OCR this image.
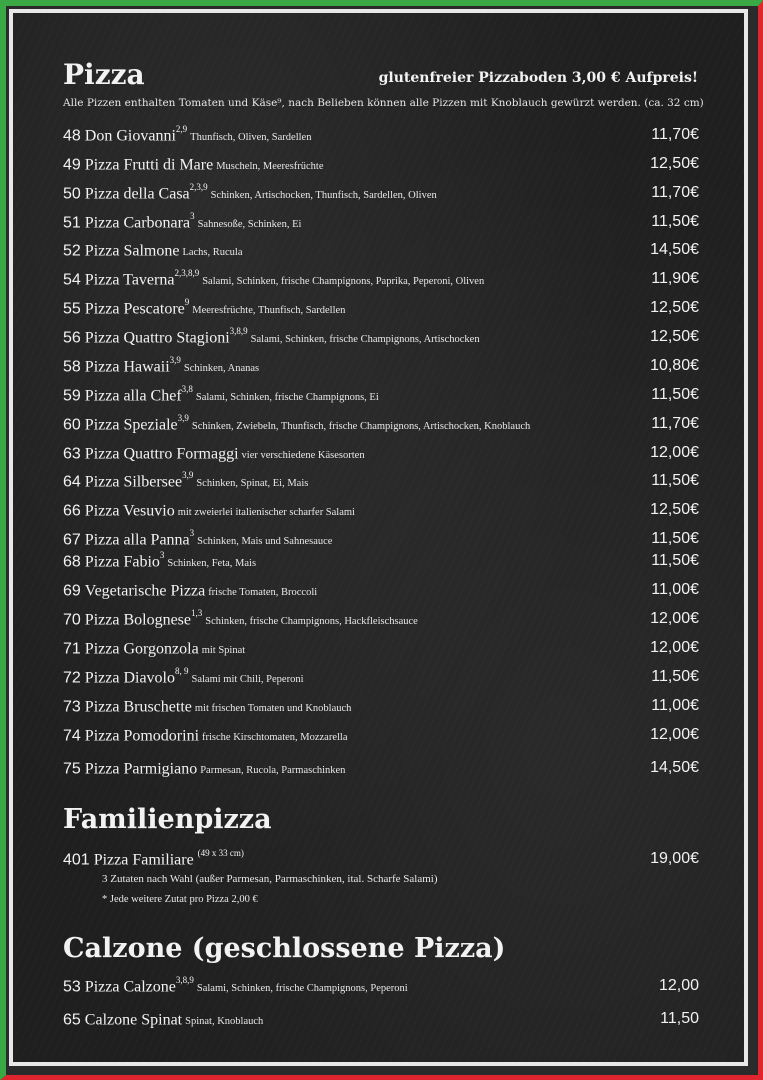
Pizza	glutenfreier Pizzaboden 3,00 € Aufpreis!
Alle Pizzen enthalten Tomaten und Käse⁹, nach Belieben können alle Pizzen mit Knoblauch gewürzt werden. (ca. 32 cm)
48 Don Giovanni$^{2,9}$Thunfisch, Oliven, Sardellen	11,70€
49 Pizza Frutti di Mare Muscheln, Meeresfrüchte	12,50€
50 Pizza della Casa$^{2,3,9}$Schinken, Artischocken, Thunfisch, Sardellen, Oliven	11,70€
51 Pizza Carbonara$^3$Sahnesoße, Schinken, Ei	11,50€
52 Pizza Salmone Lachs, Rucula	14,50€
54 Pizza Taverna$^{2,3,8,9}$Salami, Schinken, frische Champignons, Paprika, Peperoni, Oliven	11,90€
55 Pizza Pescatore$^9$Meeresfrüchte, Thunfisch, Sardellen	12,50€
56 Pizza Quattro Stagioni$^{3,8,9}$Salami, Schinken, frische Champignons, Artischocken	12,50€
58 Pizza Hawaii$^{3,9}$Schinken, Ananas	10,80€
59 Pizza alla Chef$^{3,8}$Salami, Schinken, frische Champignons, Ei	11,50€
60 Pizza Speziale$^{3,9}$Schinken, Zwiebeln, Thunfisch, frische Champignons, Artischocken, Knoblauch	11,70€
63 Pizza Quattro Formaggi vier verschiedene Käsesorten	12,00€
64 Pizza Silbersee$^{3,9}$Schinken, Spinat, Ei, Mais	11,50€
66 Pizza Vesuvio mit zweierlei italienischer scharfer Salami	12,50€
67 Pizza alla Panna$^3$Schinken, Mais und Sahnesauce	11,50€
68 Pizza Fabio$^3$Schinken, Feta, Mais	11,50€
69 Vegetarische Pizza frische Tomaten, Broccoli	11,00€
70 Pizza Bolognese$^{1,3}$Schinken, frische Champignons, Hackfleischsauce	12,00€
71 Pizza Gorgonzola mit Spinat	12,00€
72 Pizza Diavolo$^{8, 9}$Salami mit Chili, Peperoni	11,50€
73 Pizza Bruschette mit frischen Tomaten und Knoblauch	11,00€
74 Pizza Pomodorini frische Kirschtomaten, Mozzarella	12,00€
75 Pizza Parmigiano Parmesan, Rucola, Parmaschinken	14,50€
Familienpizza
401 Pizza Familiare $^{(49 x 33 cm)}$	19,00€
3 Zutaten nach Wahl (außer Parmesan, Parmaschinken, ital. Scharfe Salami)
* Jede weitere Zutat pro Pizza 2,00 €
Calzone (geschlossene Pizza)
53 Pizza Calzone$^{3,8,9}$Salami, Schinken, frische Champignons, Peperoni	12,00
65 Calzone Spinat Spinat, Knoblauch	11,50
